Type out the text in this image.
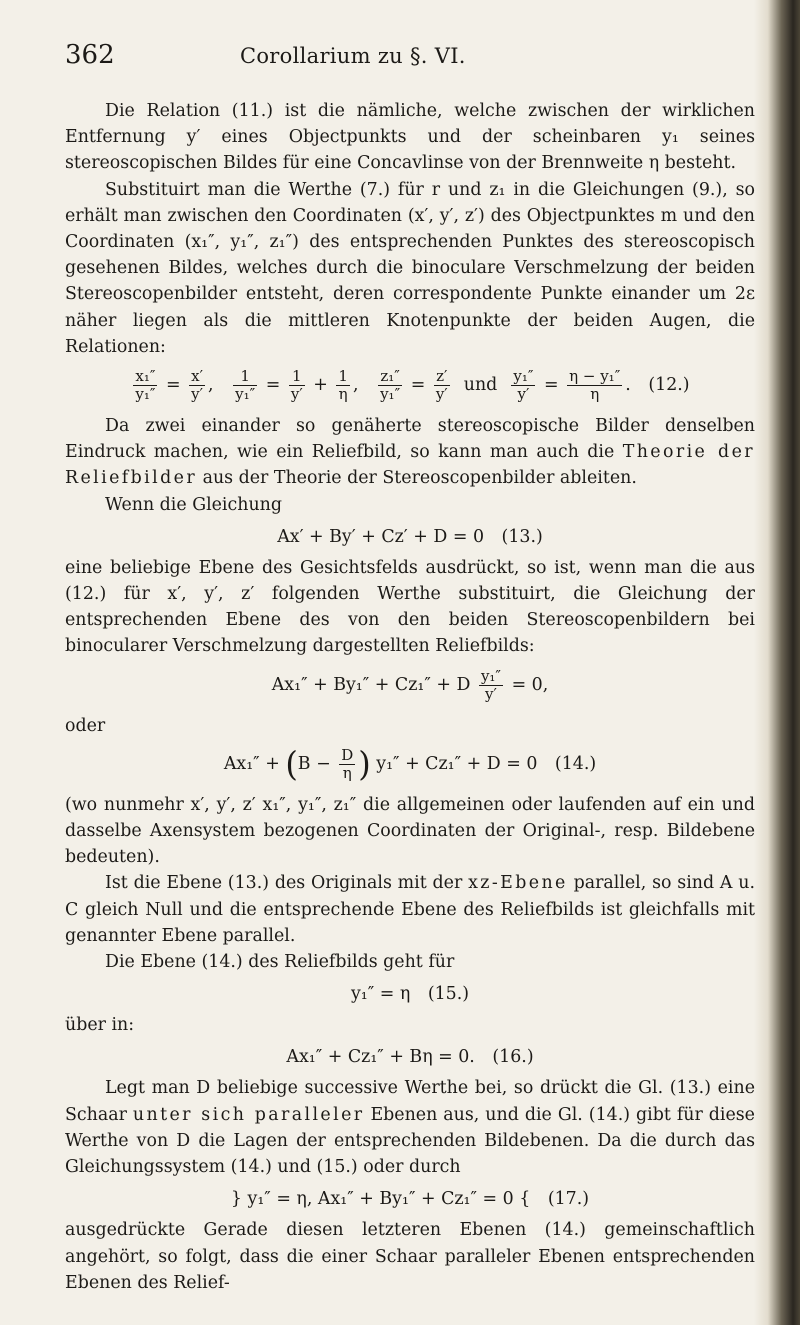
362	Corollarium zu §. VI.

Die Relation (11.) ist die nämliche, welche zwischen der wirklichen Entfernung y′ eines Objectpunkts und der scheinbaren y₁ seines stereoscopischen Bildes für eine Concavlinse von der Brennweite η besteht.

Substituirt man die Werthe (7.) für r und z₁ in die Gleichungen (9.), so erhält man zwischen den Coordinaten (x′, y′, z′) des Objectpunktes m und den Coordinaten (x₁″, y₁″, z₁″) des entsprechenden Punktes des stereoscopisch gesehenen Bildes, welches durch die binoculare Verschmelzung der beiden Stereoscopenbilder entsteht, deren correspondente Punkte einander um 2ε näher liegen als die mittleren Knotenpunkte der beiden Augen, die Relationen:

$\frac{\text{x₁″}}{\text{y₁″}} = \frac{x'}{y'}$ , $\frac{1}{\text{y₁″}} = \frac{1}{y'} + \frac{1}{\eta}$ , $\frac{\text{z₁″}}{\text{y₁″}} = \frac{z'}{y'}$ und $\frac{\text{y₁″}}{y'} = \frac{\text{η − y₁″}}{\eta}$ . (12.)

Da zwei einander so genäherte stereoscopische Bilder denselben Eindruck machen, wie ein Reliefbild, so kann man auch die Theorie der Reliefbilder aus der Theorie der Stereoscopenbilder ableiten.

Wenn die Gleichung

Ax′ + By′ + Cz′ + D = 0 (13.)

eine beliebige Ebene des Gesichtsfelds ausdrückt, so ist, wenn man die aus (12.) für x′, y′, z′ folgenden Werthe substituirt, die Gleichung der entsprechenden Ebene des von den beiden Stereoscopenbildern bei binocularer Verschmelzung dargestellten Reliefbilds:

Ax₁″ + By₁″ + Cz₁″ + D $\frac{\text{y₁″}}{y'} = 0$,

oder

$Ax_1'' + (B - \frac{D}{\eta}$ ) y₁″ + Cz₁″ + D = 0 (14.)

(wo nunmehr x′, y′, z′ x₁″, y₁″, z₁″ die allgemeinen oder laufenden auf ein und dasselbe Axensystem bezogenen Coordinaten der Original-, resp. Bildebene bedeuten).

Ist die Ebene (13.) des Originals mit der xz-Ebene parallel, so sind A u. C gleich Null und die entsprechende Ebene des Reliefbilds ist gleichfalls mit genannter Ebene parallel.

Die Ebene (14.) des Reliefbilds geht für

y₁″ = η (15.)

über in:

Ax₁″ + Cz₁″ + Bη = 0. (16.)

Legt man D beliebige successive Werthe bei, so drückt die Gl. (13.) eine Schaar unter sich paralleler Ebenen aus, und die Gl. (14.) gibt für diese Werthe von D die Lagen der entsprechenden Bildebenen. Da die durch das Gleichungssystem (14.) und (15.) oder durch

} y₁″ = η, Ax₁″ + By₁″ + Cz₁″ = 0 { (17.)

ausgedrückte Gerade diesen letzteren Ebenen (14.) gemeinschaftlich angehört, so folgt, dass die einer Schaar paralleler Ebenen entsprechenden Ebenen des Relief-
